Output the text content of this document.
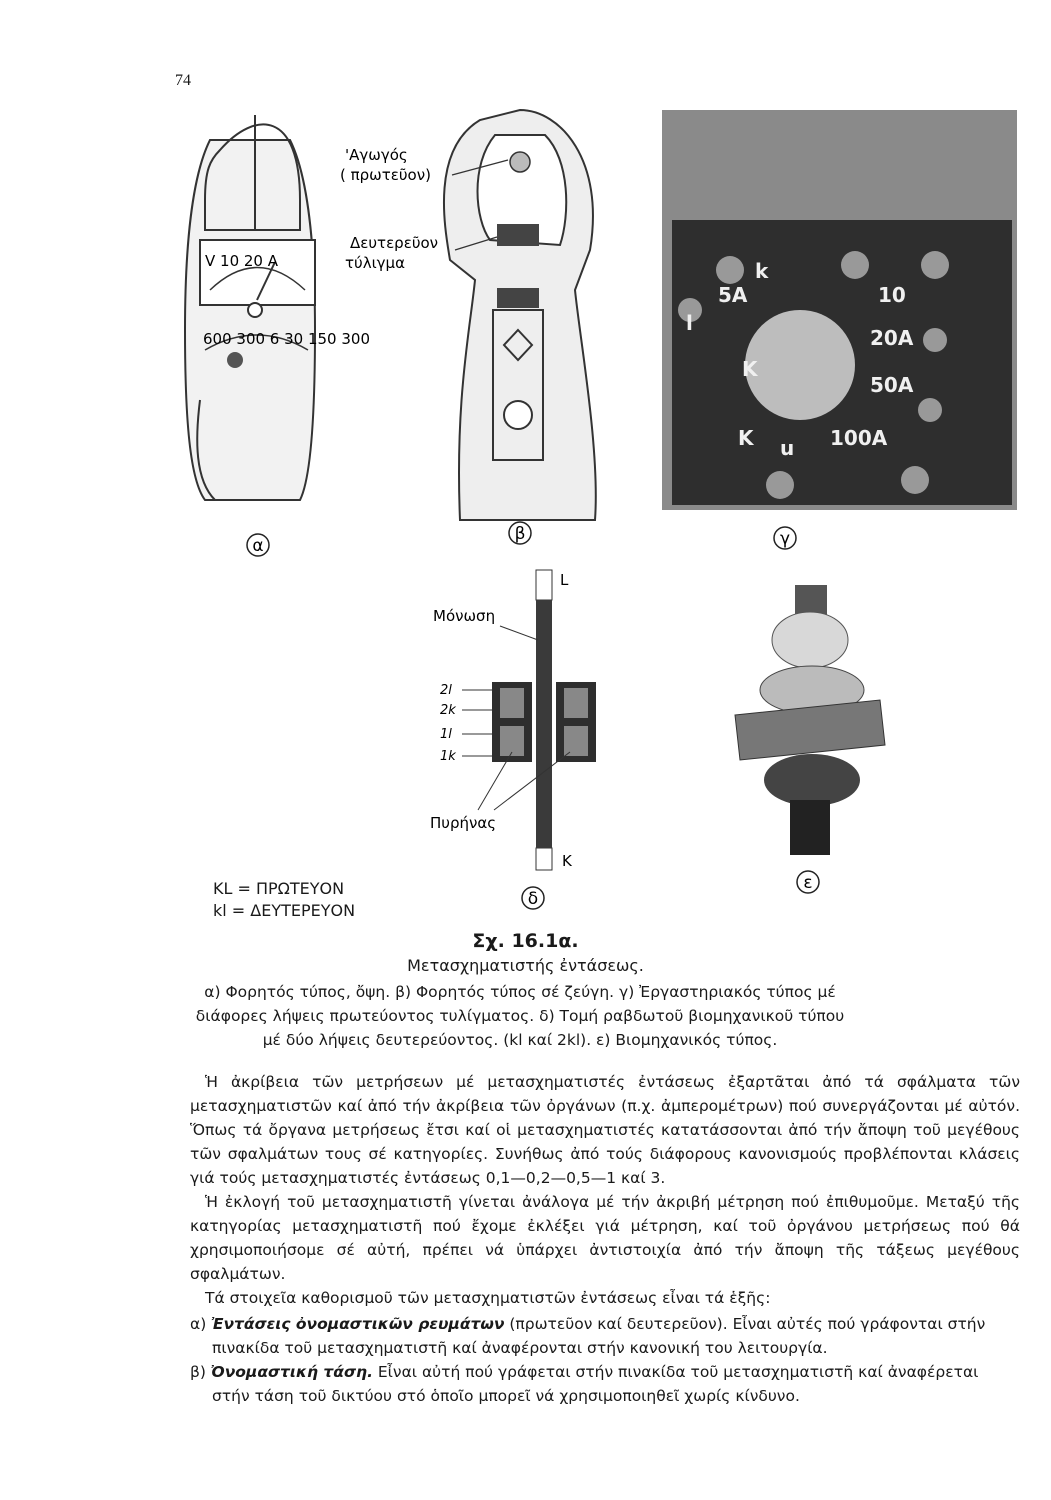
74
α
V 10 20 A
600 300 6 30 150 300
'Αγωγός
( πρωτεῦον)
Δευτερεῦον
τύλιγμα
β
5A
k
l
10
20A
50A
K
K u 100A
γ
Μόνωση
Πυρήνας
L
K
2l
2k
1l
1k
δ
ε
KL = ΠΡΩΤΕΥΟΝ
kl = ΔΕΥΤΕΡΕΥΟΝ
Σχ. 16.1α.
Μετασχηματιστής ἐντάσεως.
α) Φορητός τύπος, ὄψη. β) Φορητός τύπος σέ ζεύγη. γ) Ἐργαστηριακός τύπος μέ διάφορες λήψεις πρωτεύοντος τυλίγματος. δ) Τομή ραβδωτοῦ βιομηχανικοῦ τύπου μέ δύο λήψεις δευτερεύοντος. (kl καί 2kl). ε) Βιομηχανικός τύπος.
Ἡ ἀκρίβεια τῶν μετρήσεων μέ μετασχηματιστές ἐντάσεως ἐξαρτᾶται ἀπό τά σφάλματα τῶν μετασχηματιστῶν καί ἀπό τήν ἀκρίβεια τῶν ὀργάνων (π.χ. ἀμπερομέτρων) πού συνεργάζονται μέ αὐτόν. Ὅπως τά ὄργανα μετρήσεως ἔτσι καί οἱ μετασχηματιστές κατατάσσονται ἀπό τήν ἄποψη τοῦ μεγέθους τῶν σφαλμάτων τους σέ κατηγορίες. Συνήθως ἀπό τούς διάφορους κανονισμούς προβλέπονται κλάσεις γιά τούς μετασχηματιστές ἐντάσεως 0,1—0,2—0,5—1 καί 3.
Ἡ ἐκλογή τοῦ μετασχηματιστῆ γίνεται ἀνάλογα μέ τήν ἀκριβή μέτρηση πού ἐπιθυμοῦμε. Μεταξύ τῆς κατηγορίας μετασχηματιστῆ πού ἔχομε ἐκλέξει γιά μέτρηση, καί τοῦ ὀργάνου μετρήσεως πού θά χρησιμοποιήσομε σέ αὐτή, πρέπει νά ὑπάρχει ἀντιστοιχία ἀπό τήν ἄποψη τῆς τάξεως μεγέθους σφαλμάτων.
Τά στοιχεῖα καθορισμοῦ τῶν μετασχηματιστῶν ἐντάσεως εἶναι τά ἑξῆς:
α) Ἐντάσεις ὀνομαστικῶν ρευμάτων (πρωτεῦον καί δευτερεῦον). Εἶναι αὐτές πού γράφονται στήν
πινακίδα τοῦ μετασχηματιστῆ καί ἀναφέρονται στήν κανονική του λειτουργία.
β) Ὀνομαστική τάση. Εἶναι αὐτή πού γράφεται στήν πινακίδα τοῦ μετασχηματιστῆ καί ἀναφέρεται
στήν τάση τοῦ δικτύου στό ὁποῖο μπορεῖ νά χρησιμοποιηθεῖ χωρίς κίνδυνο.
